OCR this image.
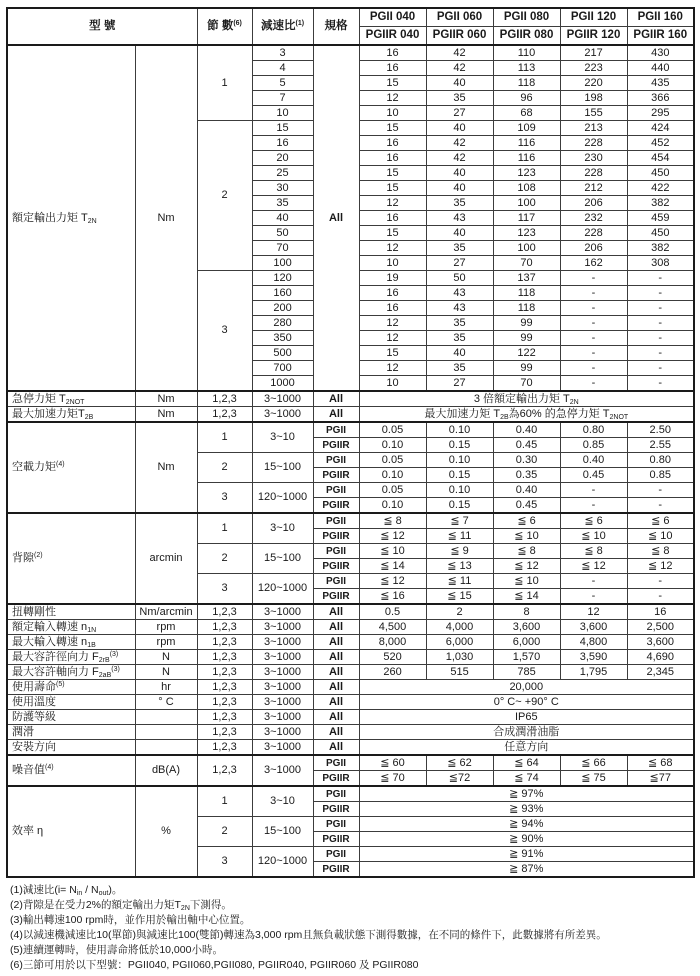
型 號		節 數$^{(6)}$	減速比$^{(1)}$	規格	PGII 040	PGII 060	PGII 080	PGII 120	PGII 160
					PGIIR 040	PGIIR 060	PGIIR 080	PGIIR 120	PGIIR 160
額定輸出力矩 $T_{2N}$	Nm	1	3	All	16	42	110	217	430
			4		16	42	113	223	440
			5		15	40	118	220	435
			7		12	35	96	198	366
			10		10	27	68	155	295
		2	15		15	40	109	213	424
			16		16	42	116	228	452
			20		16	42	116	230	454
			25		15	40	123	228	450
			30		15	40	108	212	422
			35		12	35	100	206	382
			40		16	43	117	232	459
			50		15	40	123	228	450
			70		12	35	100	206	382
			100		10	27	70	162	308
		3	120		19	50	137	-	-
			160		16	43	118	-	-
			200		16	43	118	-	-
			280		12	35	99	-	-
			350		12	35	99	-	-
			500		15	40	122	-	-
			700		12	35	99	-	-
			1000		10	27	70	-	-
急停力矩 $T_{2NOT}$	Nm	1,2,3	3~1000	All	3 倍額定輸出力矩 $T_{2N}$
最大加速力矩$T_{2B}$	Nm	1,2,3	3~1000	All	最大加速力矩 $T_{2B}$為60% 的急停力矩 $T_{2NOT}$
空載力矩$^{(4)}$	Nm	1	3~10	PGII	0.05	0.10	0.40	0.80	2.50
				PGIIR	0.10	0.15	0.45	0.85	2.55
		2	15~100	PGII	0.05	0.10	0.30	0.40	0.80
				PGIIR	0.10	0.15	0.35	0.45	0.85
		3	120~1000	PGII	0.05	0.10	0.40	-	-
				PGIIR	0.10	0.15	0.45	-	-
背隙$^{(2)}$	arcmin	1	3~10	PGII	≦ 8	≦ 7	≦ 6	≦ 6	≦ 6
				PGIIR	≦ 12	≦ 11	≦ 10	≦ 10	≦ 10
		2	15~100	PGII	≦ 10	≦ 9	≦ 8	≦ 8	≦ 8
				PGIIR	≦ 14	≦ 13	≦ 12	≦ 12	≦ 12
		3	120~1000	PGII	≦ 12	≦ 11	≦ 10	-	-
				PGIIR	≦ 16	≦ 15	≦ 14	-	-
扭轉剛性	Nm/arcmin	1,2,3	3~1000	All	0.5	2	8	12	16
額定輸入轉速 $n_{1N}$	rpm	1,2,3	3~1000	All	4,500	4,000	3,600	3,600	2,500
最大輸入轉速 $n_{1B}$	rpm	1,2,3	3~1000	All	8,000	6,000	6,000	4,800	3,600
最大容許徑向力 $F_{2rB}^{(3)}$	N	1,2,3	3~1000	All	520	1,030	1,570	3,590	4,690
最大容許軸向力 $F_{2aB}^{(3)}$	N	1,2,3	3~1000	All	260	515	785	1,795	2,345
使用壽命$^{(5)}$	hr	1,2,3	3~1000	All	20,000				
使用溫度	° C	1,2,3	3~1000	All	0° C~ +90° C				
防護等級		1,2,3	3~1000	All	IP65				
潤滑		1,2,3	3~1000	All	合成潤滑油脂				
安裝方向		1,2,3	3~1000	All	任意方向				
噪音值$^{(4)}$	dB(A)	1,2,3	3~1000	PGII	≦ 60	≦ 62	≦ 64	≦ 66	≦ 68
				PGIIR	≦ 70	≦72	≦ 74	≦ 75	≦77
效率 η	%	1	3~10	PGII	≧ 97%				
				PGIIR	≧ 93%				
		2	15~100	PGII	≧ 94%				
				PGIIR	≧ 90%				
		3	120~1000	PGII	≧ 91%				
				PGIIR	≧ 87%				
(1)減速比$(i= N_{in} / N_{out})$。
(2)背隙是在受力2%的額定輸出力矩$T_{2N}$下測得。
(3)輸出轉速100 rpm時，並作用於輸出軸中心位置。
(4)以減速機減速比10(單節)與減速比100(雙節)轉速為3,000 rpm且無負載狀態下測得數據，在不同的條件下，此數據將有所差異。
(5)連續運轉時，使用壽命將低於10,000小時。
(6)三節可用於以下型號：PGII040, PGII060,PGII080, PGIIR040, PGIIR060 及 PGIIR080
